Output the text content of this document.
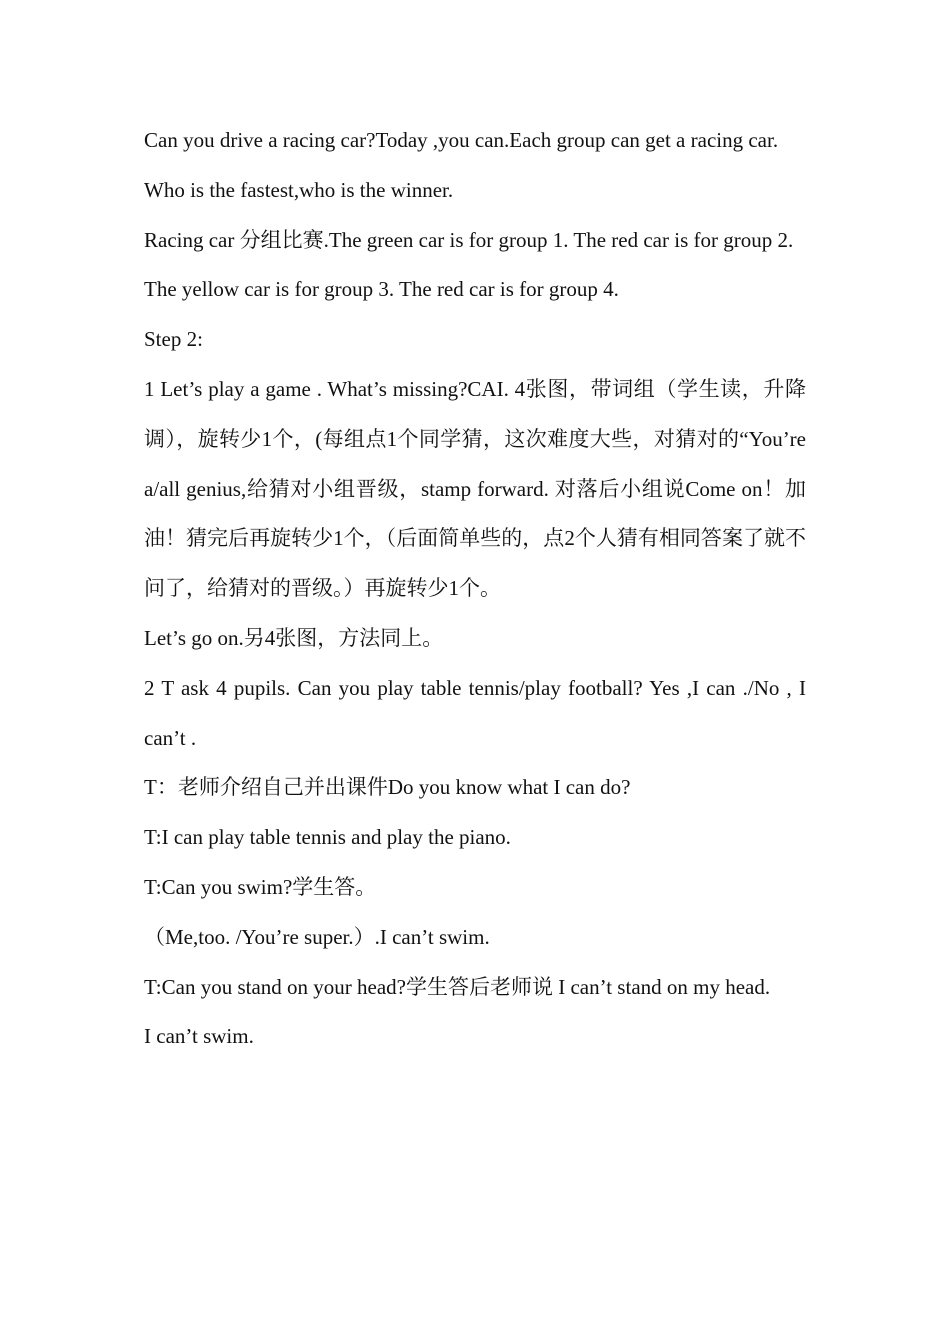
Can you drive a racing car?Today ,you can.Each group can get a racing car.

Who is the fastest,who is the winner.

Racing car 分组比赛.The green car is for group 1. The red car is for group 2.

The yellow car is for group 3. The red car is for group 4.

Step 2:

1 Let’s play a game . What’s missing?CAI. 4张图，带词组（学生读，升降调），旋转少1个，(每组点1个同学猜，这次难度大些，对猜对的“You’re a/all genius,给猜对小组晋级，stamp forward. 对落后小组说Come on！加油！猜完后再旋转少1个，（后面简单些的，点2个人猜有相同答案了就不问了，给猜对的晋级。）再旋转少1个。

Let’s go on.另4张图，方法同上。

2 T ask 4 pupils. Can you play table tennis/play football? Yes ,I can ./No , I can’t .

T：老师介绍自己并出课件Do you know what I can do?

T:I can play table tennis and play the piano.

T:Can you swim?学生答。

（Me,too. /You’re super.）.I can’t swim.

T:Can you stand on your head?学生答后老师说 I can’t stand on my head.

I can’t swim.
